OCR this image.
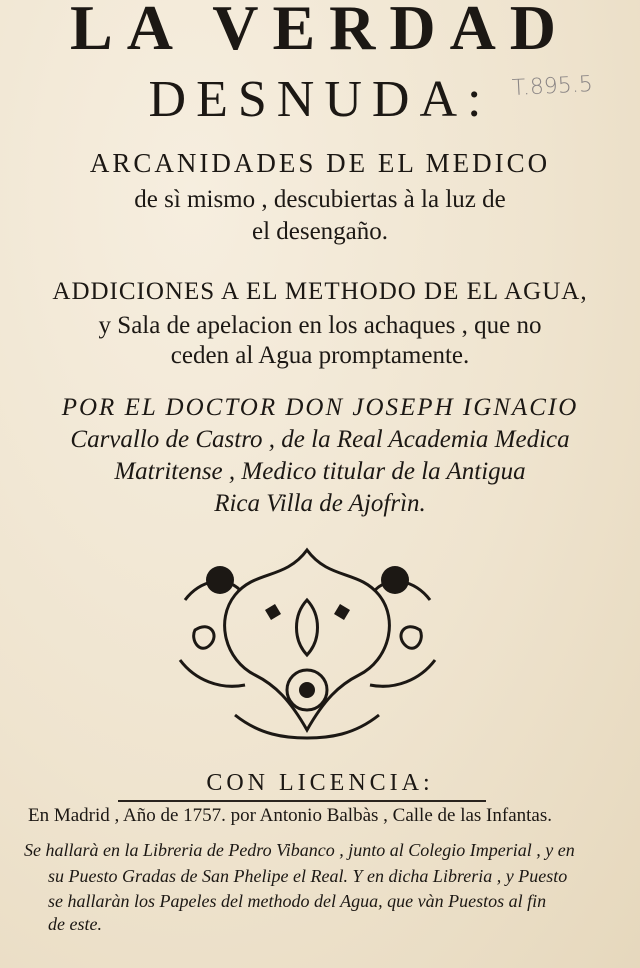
LA VERDAD
DESNUDA: T.895.5
ARCANIDADES DE EL MEDICO
de sì mismo , descubiertas à la luz de
el desengaño.
ADDICIONES A EL METHODO DE EL AGUA,
y Sala de apelacion en los achaques , que no
ceden al Agua promptamente.
POR EL DOCTOR DON JOSEPH IGNACIO
Carvallo de Castro , de la Real Academia Medica
Matritense , Medico titular de la Antigua
Rica Villa de Ajofrìn.
CON LICENCIA:
En Madrid , Año de 1757. por Antonio Balbàs , Calle de las Infantas.
Se hallarà en la Libreria de Pedro Vibanco , junto al Colegio Imperial , y en
su Puesto Gradas de San Phelipe el Real. Y en dicha Libreria , y Puesto
se hallaràn los Papeles del methodo del Agua, que vàn Puestos al fin
de este.
